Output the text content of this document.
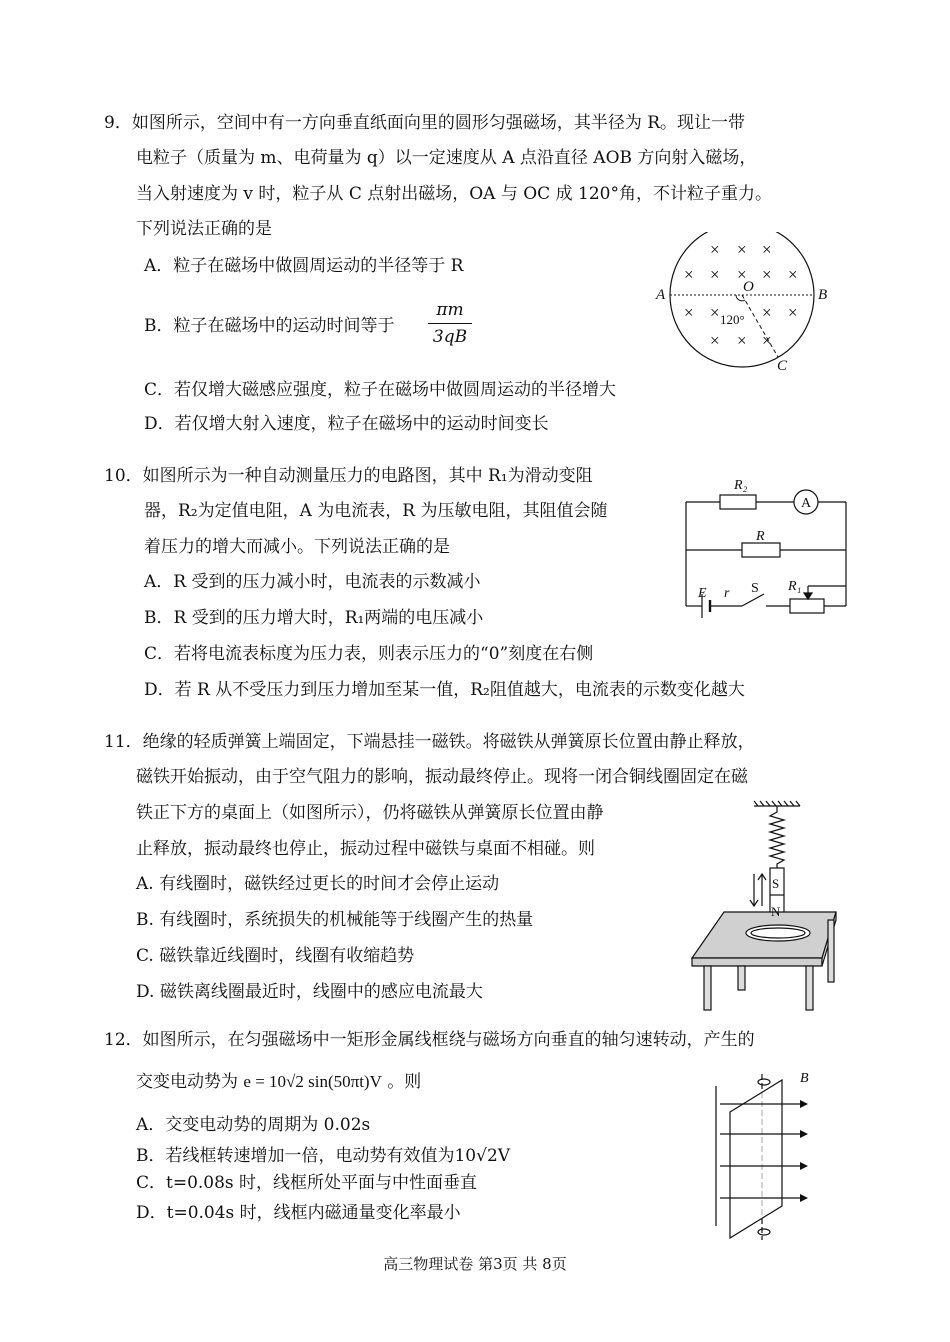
9．如图所示，空间中有一方向垂直纸面向里的圆形匀强磁场，其半径为 R。现让一带
电粒子（质量为 m、电荷量为 q）以一定速度从 A 点沿直径 AOB 方向射入磁场，
当入射速度为 v 时，粒子从 C 点射出磁场，OA 与 OC 成 120°角，不计粒子重力。
下列说法正确的是
A．粒子在磁场中做圆周运动的半径等于 R
B．粒子在磁场中的运动时间等于 $\frac{\pi m}{3qB}$
C．若仅增大磁感应强度，粒子在磁场中做圆周运动的半径增大
D．若仅增大射入速度，粒子在磁场中的运动时间变长
A	B
O
C
120°
× × ×
× × × × ×
× × × ×
× × ×
10．如图所示为一种自动测量压力的电路图，其中 R₁为滑动变阻
器，R₂为定值电阻，A 为电流表，R 为压敏电阻，其阻值会随
着压力的增大而减小。下列说法正确的是
A．R 受到的压力减小时，电流表的示数减小
B．R 受到的压力增大时，R₁两端的电压减小
C．若将电流表标度为压力表，则表示压力的“0”刻度在右侧
D．若 R 从不受压力到压力增加至某一值，R₂阻值越大，电流表的示数变化越大
R₂
A
R
E r S R₁
11．绝缘的轻质弹簧上端固定，下端悬挂一磁铁。将磁铁从弹簧原长位置由静止释放，
磁铁开始振动，由于空气阻力的影响，振动最终停止。现将一闭合铜线圈固定在磁
铁正下方的桌面上（如图所示），仍将磁铁从弹簧原长位置由静
止释放，振动最终也停止，振动过程中磁铁与桌面不相碰。则
A. 有线圈时，磁铁经过更长的时间才会停止运动
B. 有线圈时，系统损失的机械能等于线圈产生的热量
C. 磁铁靠近线圈时，线圈有收缩趋势
D. 磁铁离线圈最近时，线圈中的感应电流最大
S
N
12．如图所示，在匀强磁场中一矩形金属线框绕与磁场方向垂直的轴匀速转动，产生的
交变电动势为 e = 10√2 sin(50πt)V 。则
A．交变电动势的周期为 0.02s
B．若线框转速增加一倍，电动势有效值为10√2V
C．t=0.08s 时，线框所处平面与中性面垂直
D．t=0.04s 时，线框内磁通量变化率最小
B
高三物理试卷 第3页 共 8页
